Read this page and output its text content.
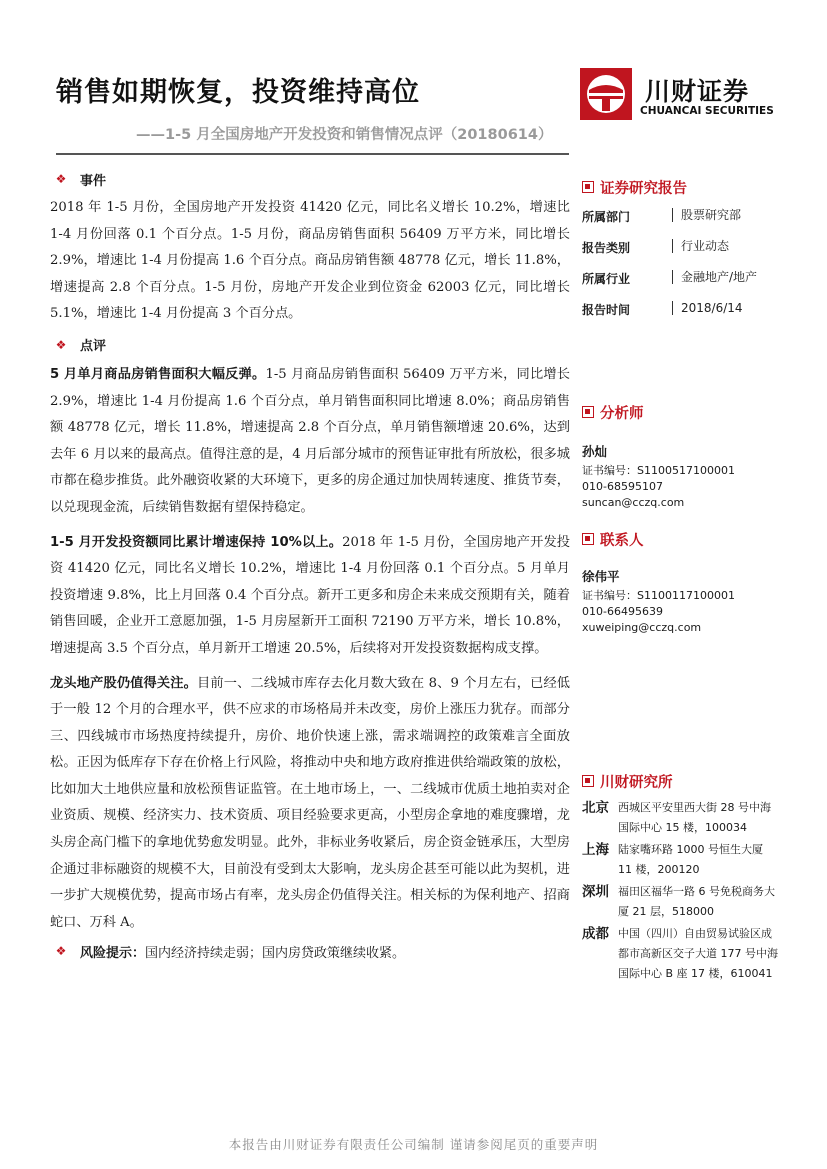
销售如期恢复，投资维持高位
——1-5 月全国房地产开发投资和销售情况点评（20180614）
川财证券
CHUANCAI SECURITIES
❖	事件

2018 年 1-5 月份，全国房地产开发投资 41420 亿元，同比名义增长 10.2%，增速比 1-4 月份回落 0.1 个百分点。1-5 月份，商品房销售面积 56409 万平方米，同比增长 2.9%，增速比 1-4 月份提高 1.6 个百分点。商品房销售额 48778 亿元，增长 11.8%，增速提高 2.8 个百分点。1-5 月份，房地产开发企业到位资金 62003 亿元，同比增长 5.1%，增速比 1-4 月份提高 3 个百分点。

❖	点评

5 月单月商品房销售面积大幅反弹。1-5 月商品房销售面积 56409 万平方米，同比增长 2.9%，增速比 1-4 月份提高 1.6 个百分点，单月销售面积同比增速 8.0%；商品房销售额 48778 亿元，增长 11.8%，增速提高 2.8 个百分点，单月销售额增速 20.6%，达到去年 6 月以来的最高点。值得注意的是，4 月后部分城市的预售证审批有所放松，很多城市都在稳步推货。此外融资收紧的大环境下，更多的房企通过加快周转速度、推货节奏，以兑现现金流，后续销售数据有望保持稳定。

1-5 月开发投资额同比累计增速保持 10%以上。2018 年 1-5 月份，全国房地产开发投资 41420 亿元，同比名义增长 10.2%，增速比 1-4 月份回落 0.1 个百分点。5 月单月投资增速 9.8%，比上月回落 0.4 个百分点。新开工更多和房企未来成交预期有关，随着销售回暖，企业开工意愿加强，1-5 月房屋新开工面积 72190 万平方米，增长 10.8%，增速提高 3.5 个百分点，单月新开工增速 20.5%，后续将对开发投资数据构成支撑。

龙头地产股仍值得关注。目前一、二线城市库存去化月数大致在 8、9 个月左右，已经低于一般 12 个月的合理水平，供不应求的市场格局并未改变，房价上涨压力犹存。而部分三、四线城市市场热度持续提升，房价、地价快速上涨，需求端调控的政策难言全面放松。正因为低库存下存在价格上行风险，将推动中央和地方政府推进供给端政策的放松，比如加大土地供应量和放松预售证监管。在土地市场上，一、二线城市优质土地拍卖对企业资质、规模、经济实力、技术资质、项目经验要求更高，小型房企拿地的难度骤增，龙头房企高门槛下的拿地优势愈发明显。此外，非标业务收紧后，房企资金链承压，大型房企通过非标融资的规模不大，目前没有受到太大影响，龙头房企甚至可能以此为契机，进一步扩大规模优势，提高市场占有率，龙头房企仍值得关注。相关标的为保利地产、招商蛇口、万科 A。

❖	风险提示： 国内经济持续走弱；国内房贷政策继续收紧。
证券研究报告
所属部门	股票研究部
报告类别	行业动态
所属行业	金融地产/地产
报告时间	2018/6/14
分析师
孙灿
证书编号：S1100517100001
010-68595107
suncan@cczq.com
联系人
徐伟平
证书编号：S1100117100001
010-66495639
xuweiping@cczq.com
川财研究所
北京 西城区平安里西大街 28 号中海国际中心 15 楼，100034
上海 陆家嘴环路 1000 号恒生大厦 11 楼，200120
深圳 福田区福华一路 6 号免税商务大厦 21 层，518000
成都 中国（四川）自由贸易试验区成都市高新区交子大道 177 号中海国际中心 B 座 17 楼，610041
本报告由川财证券有限责任公司编制 谨请参阅尾页的重要声明
